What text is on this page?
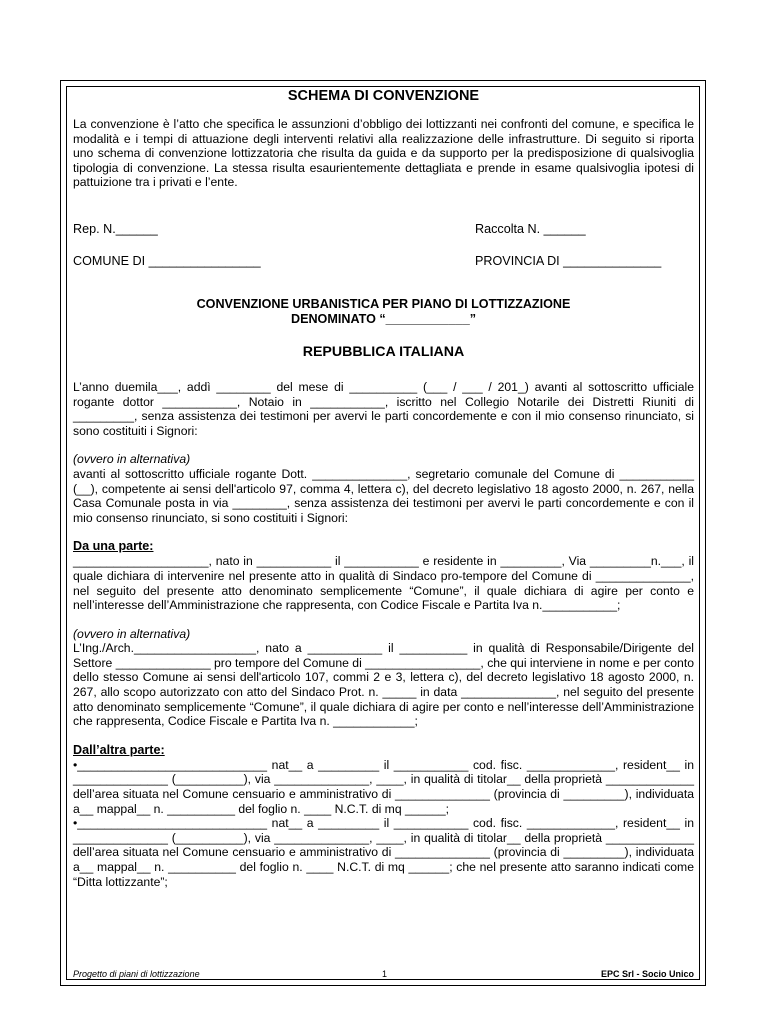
SCHEMA DI CONVENZIONE

La convenzione è l’atto che specifica le assunzioni d’obbligo dei lottizzanti nei confronti del comune, e specifica le modalità e i tempi di attuazione degli interventi relativi alla realizzazione delle infrastrutture. Di seguito si riporta uno schema di convenzione lottizzatoria che risulta da guida e da supporto per la predisposizione di qualsivoglia tipologia di convenzione. La stessa risulta esaurientemente dettagliata e prende in esame qualsivoglia ipotesi di pattuizione tra i privati e l’ente.

Rep. N.______	Raccolta N. ______
COMUNE DI ________________	PROVINCIA DI ______________
CONVENZIONE URBANISTICA PER PIANO DI LOTTIZZAZIONE
DENOMINATO “____________”
REPUBBLICA ITALIANA

L’anno duemila___, addì ________ del mese di __________ (___ / ___ / 201_) avanti al sottoscritto ufficiale rogante dottor ___________, Notaio in ___________, iscritto nel Collegio Notarile dei Distretti Riuniti di _________, senza assistenza dei testimoni per avervi le parti concordemente e con il mio consenso rinunciato, si sono costituiti i Signori:

(ovvero in alternativa)

avanti al sottoscritto ufficiale rogante Dott. ______________, segretario comunale del Comune di ___________ (__), competente ai sensi dell'articolo 97, comma 4, lettera c), del decreto legislativo 18 agosto 2000, n. 267, nella Casa Comunale posta in via ________, senza assistenza dei testimoni per avervi le parti concordemente e con il mio consenso rinunciato, si sono costituiti i Signori:

Da una parte:

____________________, nato in ___________ il ___________ e residente in _________, Via _________n.___, il quale dichiara di intervenire nel presente atto in qualità di Sindaco pro-tempore del Comune di ______________, nel seguito del presente atto denominato semplicemente “Comune”, il quale dichiara di agire per conto e nell’interesse dell’Amministrazione che rappresenta, con Codice Fiscale e Partita Iva n.___________;

(ovvero in alternativa)

L’Ing./Arch.__________________, nato a ___________ il __________ in qualità di Responsabile/Dirigente del Settore ______________ pro tempore del Comune di _________________, che qui interviene in nome e per conto dello stesso Comune ai sensi dell'articolo 107, commi 2 e 3, lettera c), del decreto legislativo 18 agosto 2000, n. 267, allo scopo autorizzato con atto del Sindaco Prot. n. _____ in data ______________, nel seguito del presente atto denominato semplicemente “Comune”, il quale dichiara di agire per conto e nell’interesse dell’Amministrazione che rappresenta, Codice Fiscale e Partita Iva n. ____________;

Dall’altra parte:

•____________________________ nat__ a _________ il ___________ cod. fisc. _____________, resident__ in ______________ (__________), via ______________, ____, in qualità di titolar__ della proprietà _____________ dell’area situata nel Comune censuario e amministrativo di ______________ (provincia di _________), individuata a__ mappal__ n. __________ del foglio n. ____ N.C.T. di mq ______;

•____________________________ nat__ a _________ il ___________ cod. fisc. _____________, resident__ in ______________ (__________), via ______________, ____, in qualità di titolar__ della proprietà _____________ dell’area situata nel Comune censuario e amministrativo di ______________ (provincia di _________), individuata a__ mappal__ n. __________ del foglio n. ____ N.C.T. di mq ______; che nel presente atto saranno indicati come “Ditta lottizzante”;

Progetto di piani di lottizzazione	1	EPC Srl - Socio Unico
